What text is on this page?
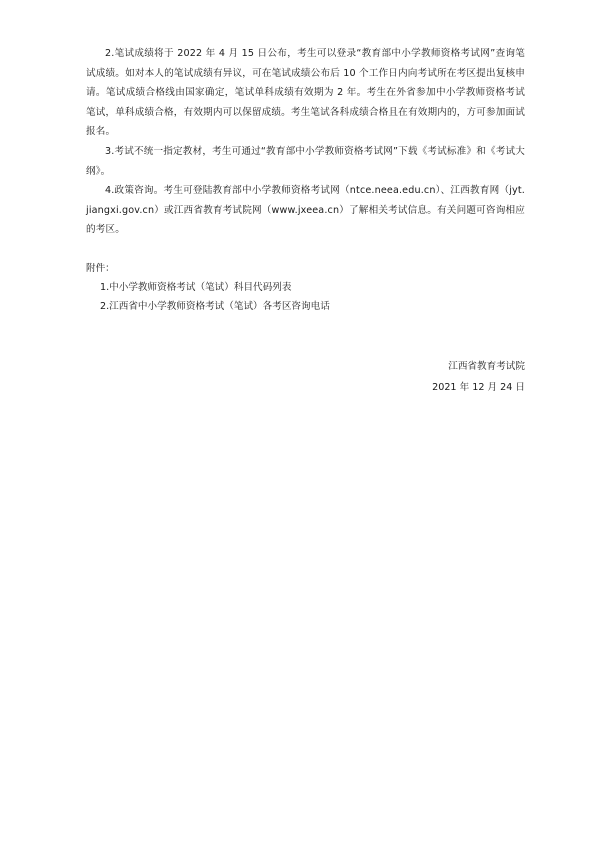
2.笔试成绩将于 2022 年 4 月 15 日公布，考生可以登录“教育部中小学教师资格考试网”查询笔试成绩。如对本人的笔试成绩有异议，可在笔试成绩公布后 10 个工作日内向考试所在考区提出复核申请。笔试成绩合格线由国家确定，笔试单科成绩有效期为 2 年。考生在外省参加中小学教师资格考试笔试，单科成绩合格，有效期内可以保留成绩。考生笔试各科成绩合格且在有效期内的，方可参加面试报名。

3.考试不统一指定教材，考生可通过“教育部中小学教师资格考试网”下载《考试标准》和《考试大纲》。

4.政策咨询。考生可登陆教育部中小学教师资格考试网（ntce.neea.edu.cn）、江西教育网（jyt.jiangxi.gov.cn）或江西省教育考试院网（www.jxeea.cn）了解相关考试信息。有关问题可咨询相应的考区。

附件：

1.中小学教师资格考试（笔试）科目代码列表

2.江西省中小学教师资格考试（笔试）各考区咨询电话

江西省教育考试院
2021 年 12 月 24 日
